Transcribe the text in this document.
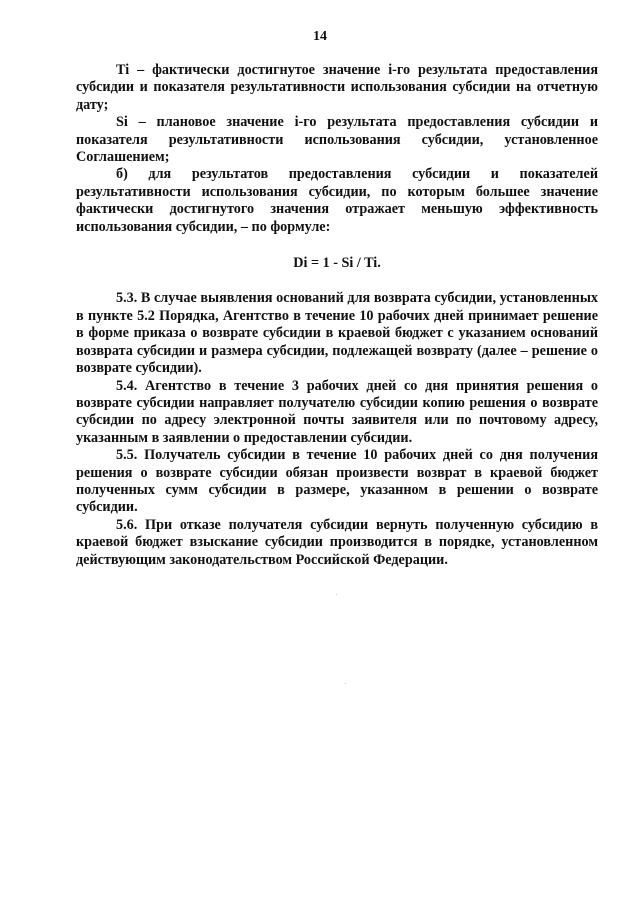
14

Ti – фактически достигнутое значение i-го результата предоставления субсидии и показателя результативности использования субсидии на отчетную дату;

Si – плановое значение i-го результата предоставления субсидии и показателя результативности использования субсидии, установленное Соглашением;

б) для результатов предоставления субсидии и показателей результативности использования субсидии, по которым большее значение фактически достигнутого значения отражает меньшую эффективность использования субсидии, – по формуле:

Di = 1 - Si / Ti.

5.3. В случае выявления оснований для возврата субсидии, установленных в пункте 5.2 Порядка, Агентство в течение 10 рабочих дней принимает решение в форме приказа о возврате субсидии в краевой бюджет с указанием оснований возврата субсидии и размера субсидии, подлежащей возврату (далее – решение о возврате субсидии).

5.4. Агентство в течение 3 рабочих дней со дня принятия решения о возврате субсидии направляет получателю субсидии копию решения о возврате субсидии по адресу электронной почты заявителя или по почтовому адресу, указанным в заявлении о предоставлении субсидии.

5.5. Получатель субсидии в течение 10 рабочих дней со дня получения решения о возврате субсидии обязан произвести возврат в краевой бюджет полученных сумм субсидии в размере, указанном в решении о возврате субсидии.

5.6. При отказе получателя субсидии вернуть полученную субсидию в краевой бюджет взыскание субсидии производится в порядке, установленном действующим законодательством Российской Федерации.
